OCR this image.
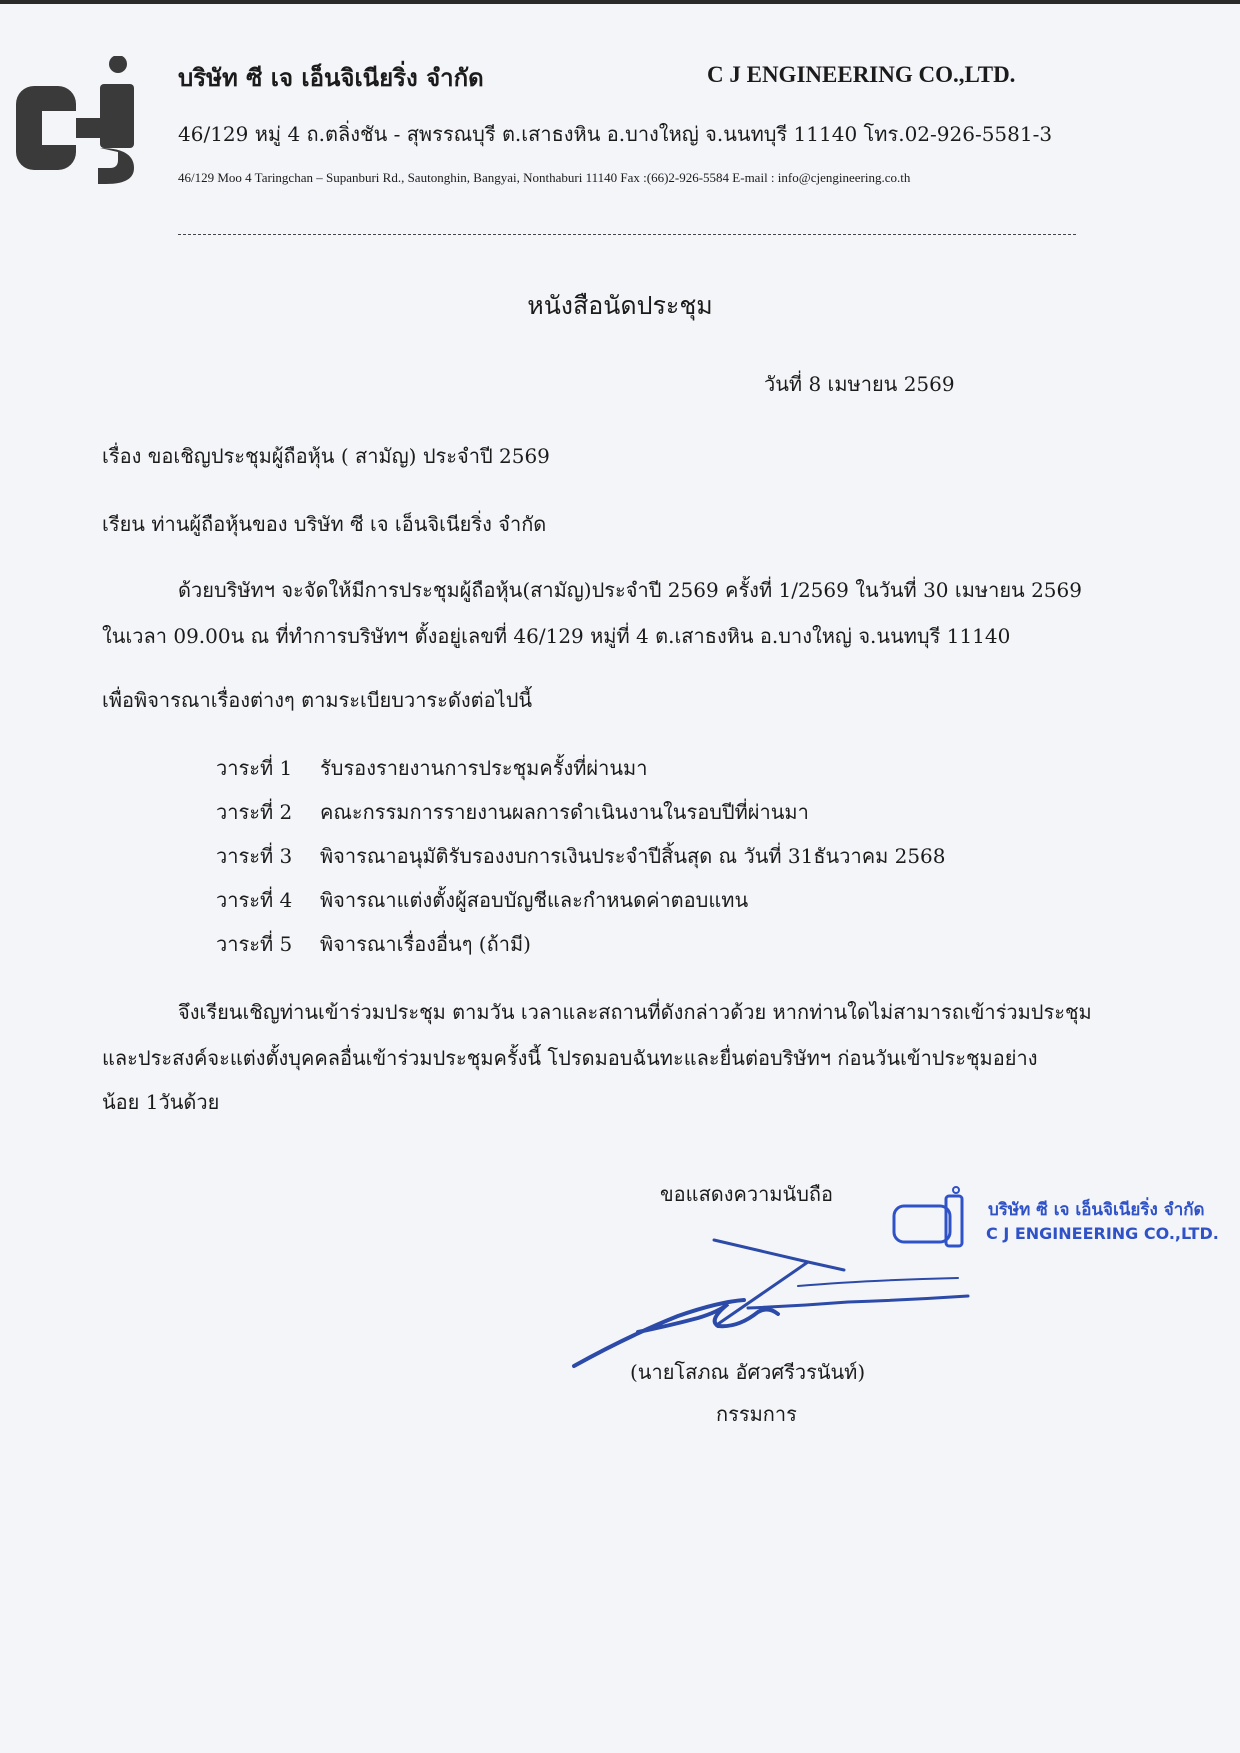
บริษัท ซี เจ เอ็นจิเนียริ่ง จำกัด	C J ENGINEERING CO.,LTD.
46/129 หมู่ 4 ถ.ตลิ่งชัน - สุพรรณบุรี ต.เสาธงหิน อ.บางใหญ่ จ.นนทบุรี 11140 โทร.02-926-5581-3
46/129 Moo 4 Taringchan – Supanburi Rd., Sautonghin, Bangyai, Nonthaburi 11140 Fax :(66)2-926-5584 E-mail : info@cjengineering.co.th
หนังสือนัดประชุม
วันที่ 8 เมษายน 2569
เรื่อง ขอเชิญประชุมผู้ถือหุ้น ( สามัญ) ประจำปี 2569
เรียน ท่านผู้ถือหุ้นของ บริษัท ซี เจ เอ็นจิเนียริ่ง จำกัด
ด้วยบริษัทฯ จะจัดให้มีการประชุมผู้ถือหุ้น(สามัญ)ประจำปี 2569 ครั้งที่ 1/2569 ในวันที่ 30 เมษายน 2569
ในเวลา 09.00น ณ ที่ทำการบริษัทฯ ตั้งอยู่เลขที่ 46/129 หมู่ที่ 4 ต.เสาธงหิน อ.บางใหญ่ จ.นนทบุรี 11140
เพื่อพิจารณาเรื่องต่างๆ ตามระเบียบวาระดังต่อไปนี้
วาระที่ 1 รับรองรายงานการประชุมครั้งที่ผ่านมา
วาระที่ 2 คณะกรรมการรายงานผลการดำเนินงานในรอบปีที่ผ่านมา
วาระที่ 3 พิจารณาอนุมัติรับรองงบการเงินประจำปีสิ้นสุด ณ วันที่ 31ธันวาคม 2568
วาระที่ 4 พิจารณาแต่งตั้งผู้สอบบัญชีและกำหนดค่าตอบแทน
วาระที่ 5 พิจารณาเรื่องอื่นๆ (ถ้ามี)
จึงเรียนเชิญท่านเข้าร่วมประชุม ตามวัน เวลาและสถานที่ดังกล่าวด้วย หากท่านใดไม่สามารถเข้าร่วมประชุม
และประสงค์จะแต่งตั้งบุคคลอื่นเข้าร่วมประชุมครั้งนี้ โปรดมอบฉันทะและยื่นต่อบริษัทฯ ก่อนวันเข้าประชุมอย่าง
น้อย 1วันด้วย
ขอแสดงความนับถือ
บริษัท ซี เจ เอ็นจิเนียริ่ง จำกัด
C J ENGINEERING CO.,LTD.
(นายโสภณ อัศวศรีวรนันท์)
กรรมการ
